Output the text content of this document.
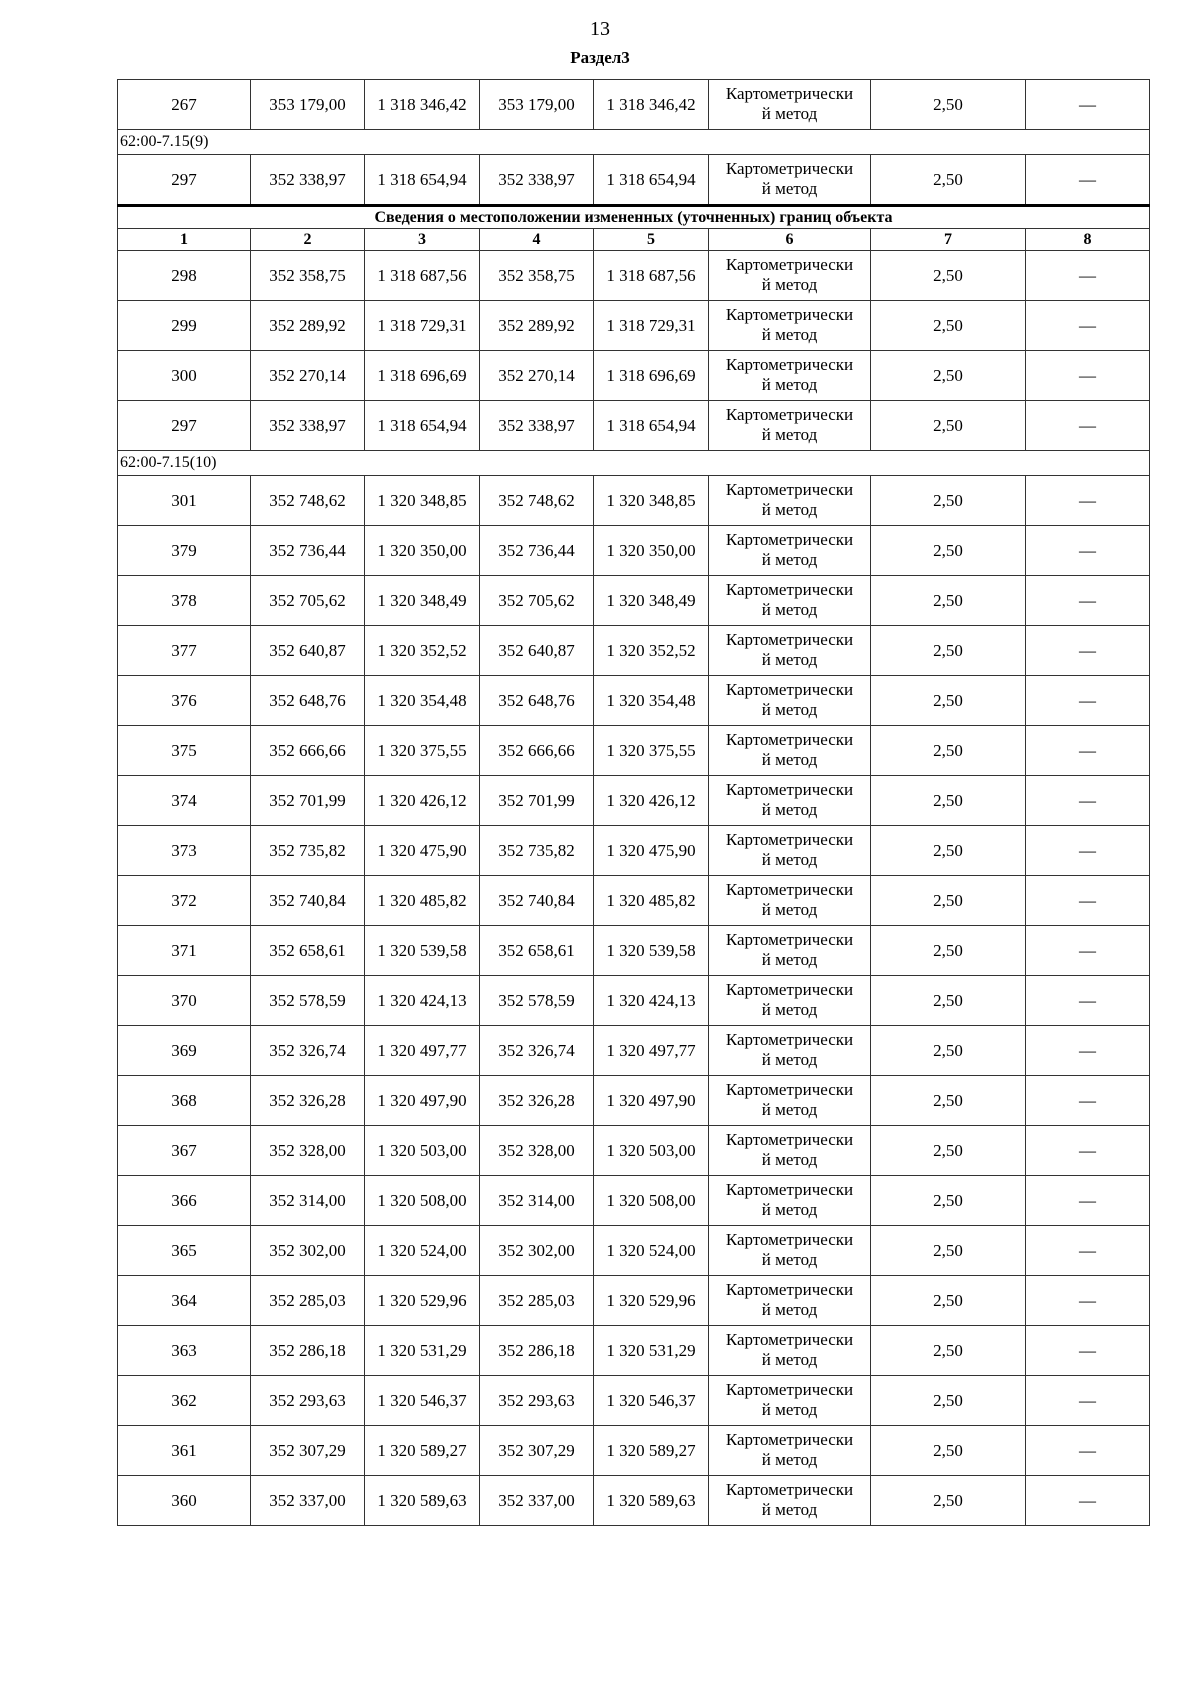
13
Раздел3
267	353 179,00	1 318 346,42	353 179,00	1 318 346,42	Картометрически
й метод	2,50	—
62:00-7.15(9)							
297	352 338,97	1 318 654,94	352 338,97	1 318 654,94	Картометрически
й метод	2,50	—
Сведения о местоположении измененных (уточненных) границ объекта							
1	2	3	4	5	6	7	8
298	352 358,75	1 318 687,56	352 358,75	1 318 687,56	Картометрически
й метод	2,50	—
299	352 289,92	1 318 729,31	352 289,92	1 318 729,31	Картометрически
й метод	2,50	—
300	352 270,14	1 318 696,69	352 270,14	1 318 696,69	Картометрически
й метод	2,50	—
297	352 338,97	1 318 654,94	352 338,97	1 318 654,94	Картометрически
й метод	2,50	—
62:00-7.15(10)							
301	352 748,62	1 320 348,85	352 748,62	1 320 348,85	Картометрически
й метод	2,50	—
379	352 736,44	1 320 350,00	352 736,44	1 320 350,00	Картометрически
й метод	2,50	—
378	352 705,62	1 320 348,49	352 705,62	1 320 348,49	Картометрически
й метод	2,50	—
377	352 640,87	1 320 352,52	352 640,87	1 320 352,52	Картометрически
й метод	2,50	—
376	352 648,76	1 320 354,48	352 648,76	1 320 354,48	Картометрически
й метод	2,50	—
375	352 666,66	1 320 375,55	352 666,66	1 320 375,55	Картометрически
й метод	2,50	—
374	352 701,99	1 320 426,12	352 701,99	1 320 426,12	Картометрически
й метод	2,50	—
373	352 735,82	1 320 475,90	352 735,82	1 320 475,90	Картометрически
й метод	2,50	—
372	352 740,84	1 320 485,82	352 740,84	1 320 485,82	Картометрически
й метод	2,50	—
371	352 658,61	1 320 539,58	352 658,61	1 320 539,58	Картометрически
й метод	2,50	—
370	352 578,59	1 320 424,13	352 578,59	1 320 424,13	Картометрически
й метод	2,50	—
369	352 326,74	1 320 497,77	352 326,74	1 320 497,77	Картометрически
й метод	2,50	—
368	352 326,28	1 320 497,90	352 326,28	1 320 497,90	Картометрически
й метод	2,50	—
367	352 328,00	1 320 503,00	352 328,00	1 320 503,00	Картометрически
й метод	2,50	—
366	352 314,00	1 320 508,00	352 314,00	1 320 508,00	Картометрически
й метод	2,50	—
365	352 302,00	1 320 524,00	352 302,00	1 320 524,00	Картометрически
й метод	2,50	—
364	352 285,03	1 320 529,96	352 285,03	1 320 529,96	Картометрически
й метод	2,50	—
363	352 286,18	1 320 531,29	352 286,18	1 320 531,29	Картометрически
й метод	2,50	—
362	352 293,63	1 320 546,37	352 293,63	1 320 546,37	Картометрически
й метод	2,50	—
361	352 307,29	1 320 589,27	352 307,29	1 320 589,27	Картометрически
й метод	2,50	—
360	352 337,00	1 320 589,63	352 337,00	1 320 589,63	Картометрически
й метод	2,50	—
